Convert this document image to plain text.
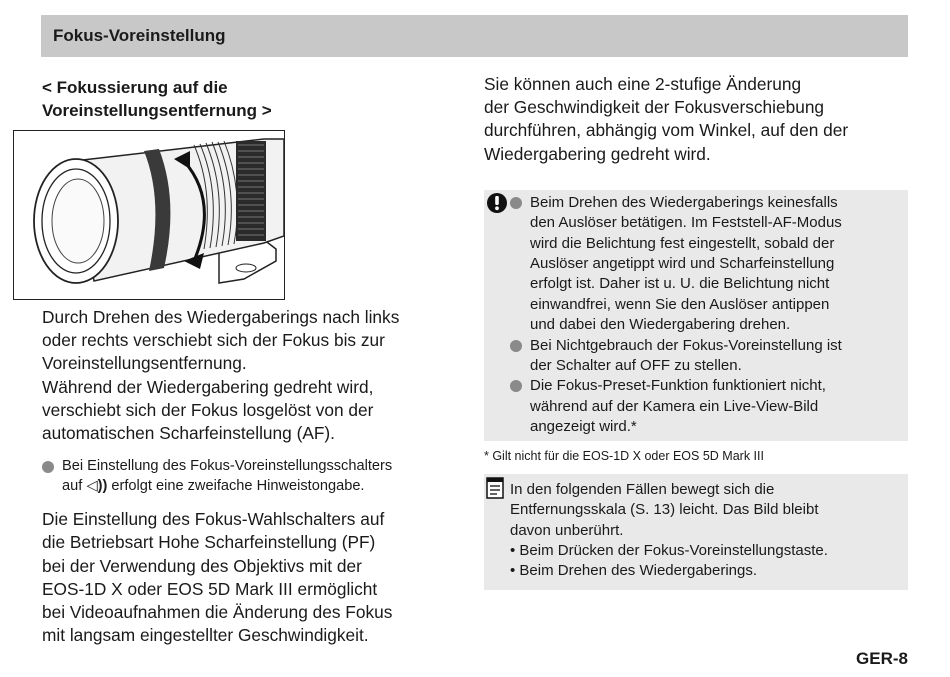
Fokus-Voreinstellung

< Fokussierung auf die
Voreinstellungsentfernung >

Durch Drehen des Wiedergaberings nach links
oder rechts verschiebt sich der Fokus bis zur
Voreinstellungsentfernung.
Während der Wiedergabering gedreht wird,
verschiebt sich der Fokus losgelöst von der
automatischen Scharfeinstellung (AF).

Bei Einstellung des Fokus-Voreinstellungsschalters
auf ◁)) erfolgt eine zweifache Hinweistongabe.

Die Einstellung des Fokus-Wahlschalters auf
die Betriebsart Hohe Scharfeinstellung (PF)
bei der Verwendung des Objektivs mit der
EOS-1D X oder EOS 5D Mark III ermöglicht
bei Videoaufnahmen die Änderung des Fokus
mit langsam eingestellter Geschwindigkeit.

Sie können auch eine 2-stufige Änderung
der Geschwindigkeit der Fokusverschiebung
durchführen, abhängig vom Winkel, auf den der
Wiedergabering gedreht wird.

Beim Drehen des Wiedergaberings keinesfalls
den Auslöser betätigen. Im Feststell-AF-Modus
wird die Belichtung fest eingestellt, sobald der
Auslöser angetippt wird und Scharfeinstellung
erfolgt ist. Daher ist u. U. die Belichtung nicht
einwandfrei, wenn Sie den Auslöser antippen
und dabei den Wiedergabering drehen.
Bei Nichtgebrauch der Fokus-Voreinstellung ist
der Schalter auf OFF zu stellen.
Die Fokus-Preset-Funktion funktioniert nicht,
während auf der Kamera ein Live-View-Bild
angezeigt wird.*

* Gilt nicht für die EOS-1D X oder EOS 5D Mark III

In den folgenden Fällen bewegt sich die
Entfernungsskala (S. 13) leicht. Das Bild bleibt
davon unberührt.
• Beim Drücken der Fokus-Voreinstellungstaste.
• Beim Drehen des Wiedergaberings.
GER-8
